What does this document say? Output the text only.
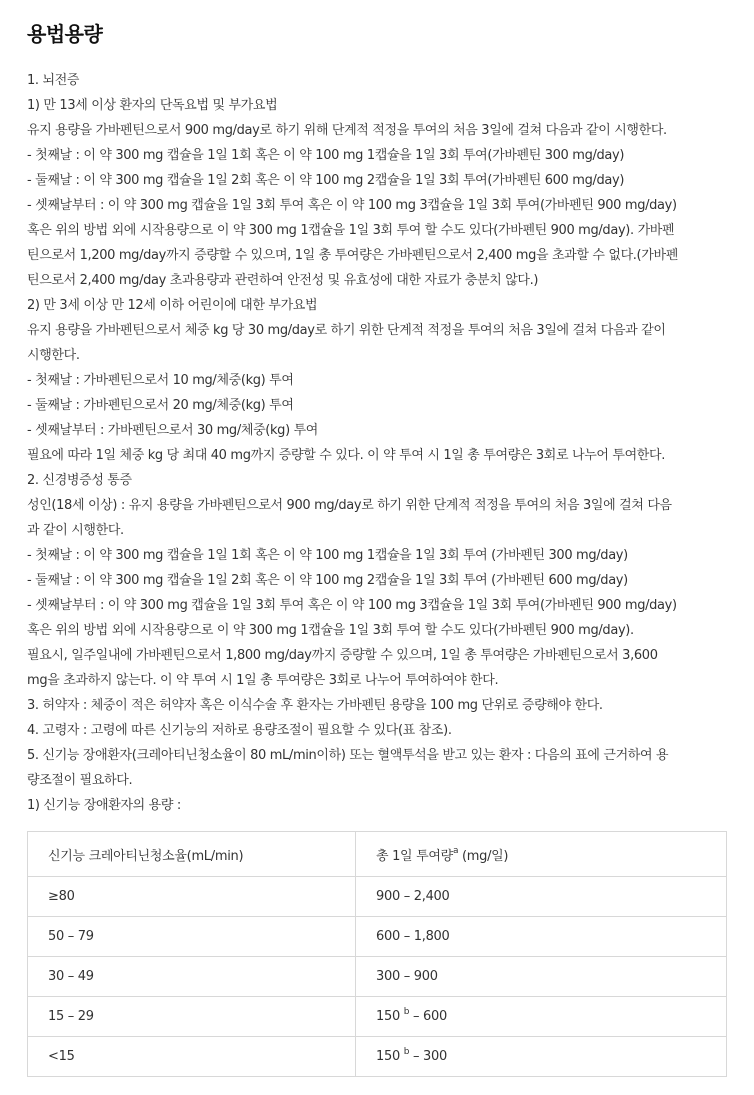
용법용량
1. 뇌전증
1) 만 13세 이상 환자의 단독요법 및 부가요법
유지 용량을 가바펜틴으로서 900 mg/day로 하기 위해 단계적 적정을 투여의 처음 3일에 걸쳐 다음과 같이 시행한다.
- 첫째날 : 이 약 300 mg 캡슐을 1일 1회 혹은 이 약 100 mg 1캡슐을 1일 3회 투여(가바펜틴 300 mg/day)
- 둘째날 : 이 약 300 mg 캡슐을 1일 2회 혹은 이 약 100 mg 2캡슐을 1일 3회 투여(가바펜틴 600 mg/day)
- 셋째날부터 : 이 약 300 mg 캡슐을 1일 3회 투여 혹은 이 약 100 mg 3캡슐을 1일 3회 투여(가바펜틴 900 mg/day)
혹은 위의 방법 외에 시작용량으로 이 약 300 mg 1캡슐을 1일 3회 투여 할 수도 있다(가바펜틴 900 mg/day). 가바펜
틴으로서 1,200 mg/day까지 증량할 수 있으며, 1일 총 투여량은 가바펜틴으로서 2,400 mg을 초과할 수 없다.(가바펜
틴으로서 2,400 mg/day 초과용량과 관련하여 안전성 및 유효성에 대한 자료가 충분치 않다.)
2) 만 3세 이상 만 12세 이하 어린이에 대한 부가요법
유지 용량을 가바펜틴으로서 체중 kg 당 30 mg/day로 하기 위한 단계적 적정을 투여의 처음 3일에 걸쳐 다음과 같이
시행한다.
- 첫째날 : 가바펜틴으로서 10 mg/체중(kg) 투여
- 둘째날 : 가바펜틴으로서 20 mg/체중(kg) 투여
- 셋째날부터 : 가바펜틴으로서 30 mg/체중(kg) 투여
필요에 따라 1일 체중 kg 당 최대 40 mg까지 증량할 수 있다. 이 약 투여 시 1일 총 투여량은 3회로 나누어 투여한다.
2. 신경병증성 통증
성인(18세 이상) : 유지 용량을 가바펜틴으로서 900 mg/day로 하기 위한 단계적 적정을 투여의 처음 3일에 걸쳐 다음
과 같이 시행한다.
- 첫째날 : 이 약 300 mg 캡슐을 1일 1회 혹은 이 약 100 mg 1캡슐을 1일 3회 투여 (가바펜틴 300 mg/day)
- 둘째날 : 이 약 300 mg 캡슐을 1일 2회 혹은 이 약 100 mg 2캡슐을 1일 3회 투여 (가바펜틴 600 mg/day)
- 셋째날부터 : 이 약 300 mg 캡슐을 1일 3회 투여 혹은 이 약 100 mg 3캡슐을 1일 3회 투여(가바펜틴 900 mg/day)
혹은 위의 방법 외에 시작용량으로 이 약 300 mg 1캡슐을 1일 3회 투여 할 수도 있다(가바펜틴 900 mg/day).
필요시, 일주일내에 가바펜틴으로서 1,800 mg/day까지 증량할 수 있으며, 1일 총 투여량은 가바펜틴으로서 3,600
mg을 초과하지 않는다. 이 약 투여 시 1일 총 투여량은 3회로 나누어 투여하여야 한다.
3. 허약자 : 체중이 적은 허약자 혹은 이식수술 후 환자는 가바펜틴 용량을 100 mg 단위로 증량해야 한다.
4. 고령자 : 고령에 따른 신기능의 저하로 용량조절이 필요할 수 있다(표 참조).
5. 신기능 장애환자(크레아티닌청소율이 80 mL/min이하) 또는 혈액투석을 받고 있는 환자 : 다음의 표에 근거하여 용
량조절이 필요하다.
1) 신기능 장애환자의 용량 :
신기능 크레아티닌청소율(mL/min)	총 1일 투여량$^a$ (mg/일)
≥80	900 – 2,400
50 – 79	600 – 1,800
30 – 49	300 – 900
15 – 29	150 $^b$ – 600
<15	150 $^b$ – 300
